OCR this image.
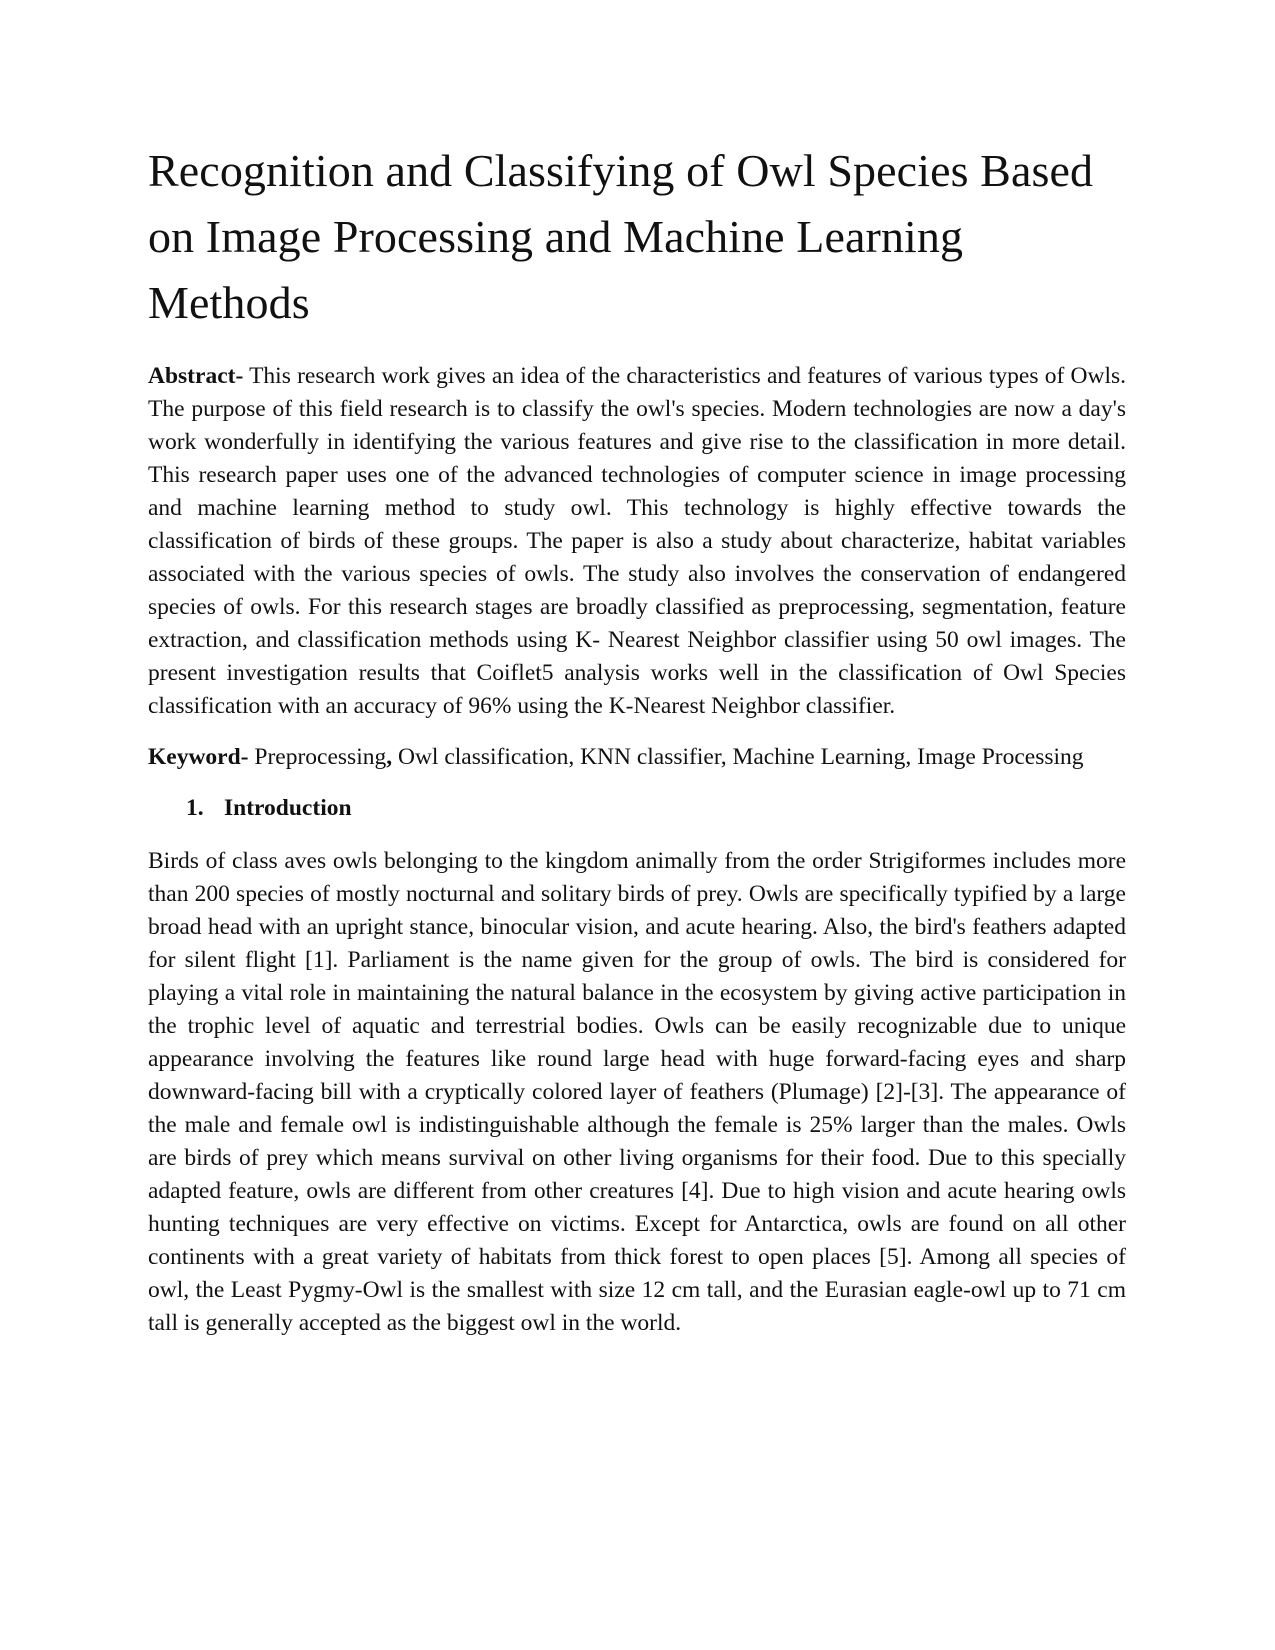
Recognition and Classifying of Owl Species Based on Image Processing and Machine Learning Methods

Abstract- This research work gives an idea of the characteristics and features of various types of Owls. The purpose of this field research is to classify the owl's species. Modern technologies are now a day's work wonderfully in identifying the various features and give rise to the classification in more detail. This research paper uses one of the advanced technologies of computer science in image processing and machine learning method to study owl. This technology is highly effective towards the classification of birds of these groups. The paper is also a study about characterize, habitat variables associated with the various species of owls. The study also involves the conservation of endangered species of owls. For this research stages are broadly classified as preprocessing, segmentation, feature extraction, and classification methods using K- Nearest Neighbor classifier using 50 owl images. The present investigation results that Coiflet5 analysis works well in the classification of Owl Species classification with an accuracy of 96% using the K-Nearest Neighbor classifier.

Keyword- Preprocessing, Owl classification, KNN classifier, Machine Learning, Image Processing

1. Introduction

Birds of class aves owls belonging to the kingdom animally from the order Strigiformes includes more than 200 species of mostly nocturnal and solitary birds of prey. Owls are specifically typified by a large broad head with an upright stance, binocular vision, and acute hearing. Also, the bird's feathers adapted for silent flight [1]. Parliament is the name given for the group of owls. The bird is considered for playing a vital role in maintaining the natural balance in the ecosystem by giving active participation in the trophic level of aquatic and terrestrial bodies. Owls can be easily recognizable due to unique appearance involving the features like round large head with huge forward-facing eyes and sharp downward-facing bill with a cryptically colored layer of feathers (Plumage) [2]-[3]. The appearance of the male and female owl is indistinguishable although the female is 25% larger than the males. Owls are birds of prey which means survival on other living organisms for their food. Due to this specially adapted feature, owls are different from other creatures [4]. Due to high vision and acute hearing owls hunting techniques are very effective on victims. Except for Antarctica, owls are found on all other continents with a great variety of habitats from thick forest to open places [5]. Among all species of owl, the Least Pygmy-Owl is the smallest with size 12 cm tall, and the Eurasian eagle-owl up to 71 cm tall is generally accepted as the biggest owl in the world.
